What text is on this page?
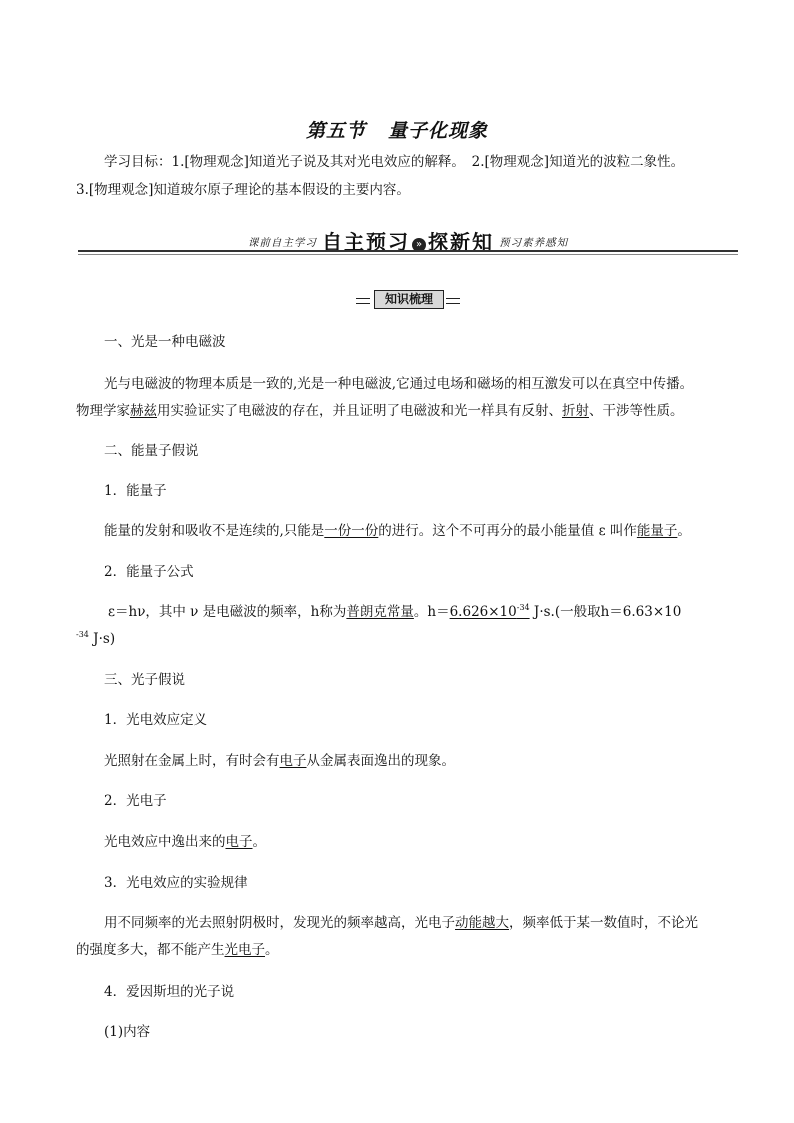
第五节 量子化现象
学习目标：1.[物理观念]知道光子说及其对光电效应的解释。　2.[物理观念]知道光的波粒二象性。
3.[物理观念]知道玻尔原子理论的基本假设的主要内容。
课前自主学习 自主预习 » 探新知 预习素养感知
知识梳理
一、光是一种电磁波
光与电磁波的物理本质是一致的,光是一种电磁波,它通过电场和磁场的相互激发可以在真空中传播。
物理学家赫兹用实验证实了电磁波的存在，并且证明了电磁波和光一样具有反射、折射、干涉等性质。
二、能量子假说
1．能量子
能量的发射和吸收不是连续的,只能是一份一份的进行。这个不可再分的最小能量值 ε 叫作能量子。
2．能量子公式
ε＝hν，其中 ν 是电磁波的频率，h称为普朗克常量。$h=6.626\times 10^{-34}$ J·s.(一般取h＝6.63×10
$^{-34}$ J·s)
三、光子假说
1．光电效应定义
光照射在金属上时，有时会有电子从金属表面逸出的现象。
2．光电子
光电效应中逸出来的电子。
3．光电效应的实验规律
用不同频率的光去照射阴极时，发现光的频率越高，光电子动能越大，频率低于某一数值时，不论光
的强度多大，都不能产生光电子。
4．爱因斯坦的光子说
(1)内容
